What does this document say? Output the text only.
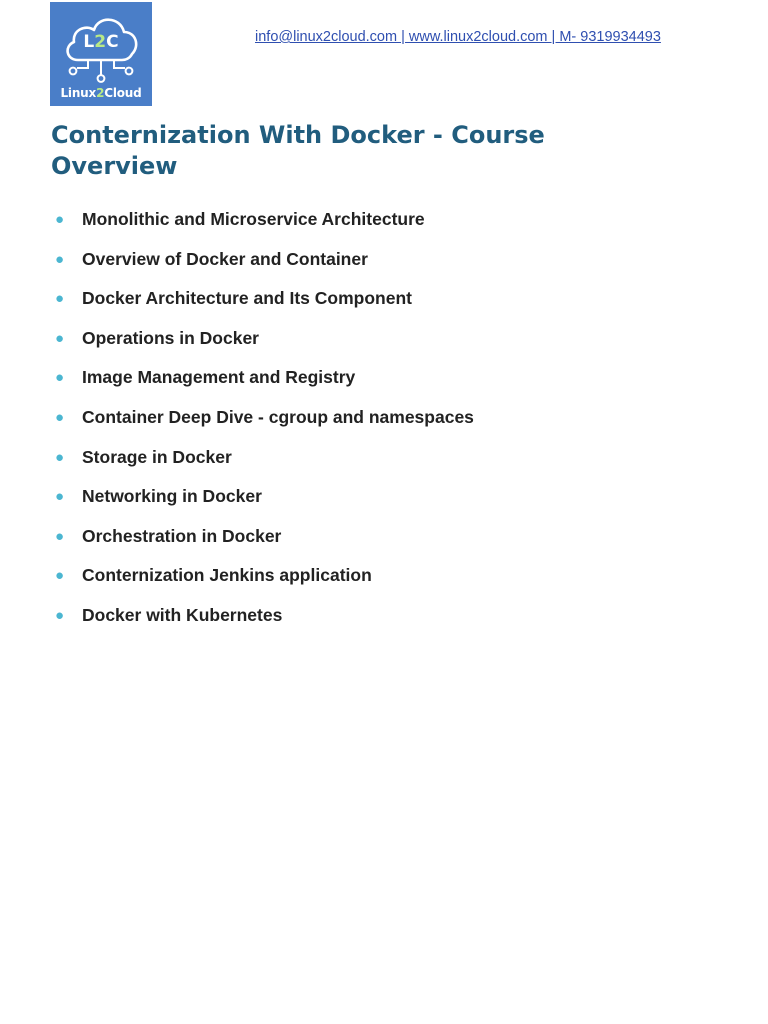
L2C
Linux2Cloud
info@linux2cloud.com | www.linux2cloud.com | M- 9319934493
Conternization With Docker - Course Overview
●	Monolithic and Microservice Architecture
●	Overview of Docker and Container
●	Docker Architecture and Its Component
●	Operations in Docker
●	Image Management and Registry
●	Container Deep Dive - cgroup and namespaces
●	Storage in Docker
●	Networking in Docker
●	Orchestration in Docker
●	Conternization Jenkins application
●	Docker with Kubernetes
